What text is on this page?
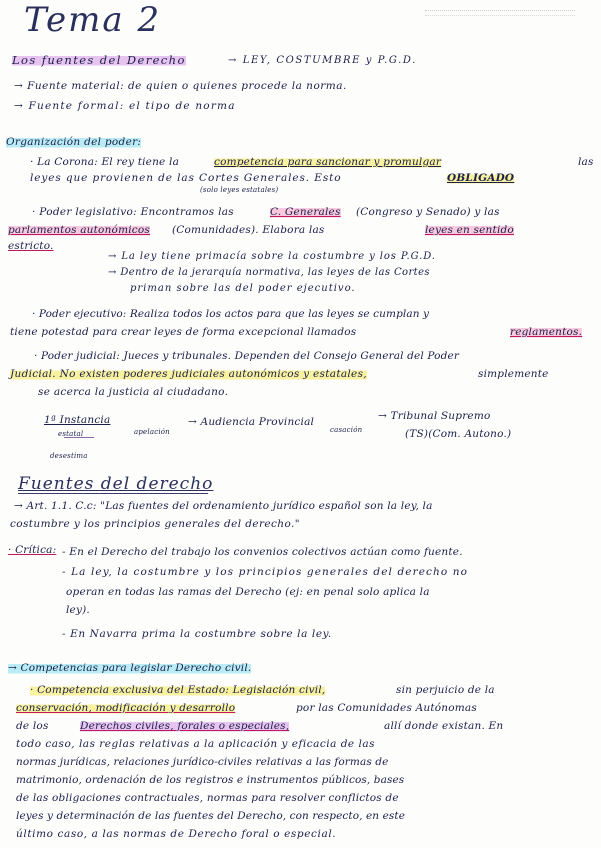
Tema 2
Los fuentes del Derecho	→ LEY, COSTUMBRE y P.G.D.
→ Fuente material: de quien o quienes procede la norma.
→ Fuente formal: el tipo de norma
Organización del poder:
· La Corona: El rey tiene la	competencia para sancionar y promulgar	las
leyes que provienen de las Cortes Generales. Esto	OBLIGADO
(solo leyes estatales)
· Poder legislativo: Encontramos las	C. Generales (Congreso y Senado) y las
parlamentos autonómicos (Comunidades). Elabora las	leyes en sentido
estricto.
→ La ley tiene primacía sobre la costumbre y los P.G.D.
→ Dentro de la jerarquía normativa, las leyes de las Cortes
priman sobre las del poder ejecutivo.
· Poder ejecutivo: Realiza todos los actos para que las leyes se cumplan y
tiene potestad para crear leyes de forma excepcional llamados	reglamentos.
· Poder judicial: Jueces y tribunales. Dependen del Consejo General del Poder
Judicial. No existen poderes judiciales autonómicos y estatales,	simplemente
se acerca la justicia al ciudadano.
1ª Instancia	→ Audiencia Provincial	→ Tribunal Supremo
estatal	apelación	casación	(TS)(Com. Autono.)
desestima
Fuentes del derecho
→ Art. 1.1. C.c: "Las fuentes del ordenamiento jurídico español son la ley, la
costumbre y los principios generales del derecho."
· Crítica: - En el Derecho del trabajo los convenios colectivos actúan como fuente.
- La ley, la costumbre y los principios generales del derecho no
operan en todas las ramas del Derecho (ej: en penal solo aplica la
ley).
- En Navarra prima la costumbre sobre la ley.
→ Competencias para legislar Derecho civil.
· Competencia exclusiva del Estado: Legislación civil,	sin perjuicio de la
conservación, modificación y desarrollo	por las Comunidades Autónomas
de los	Derechos civiles, forales o especiales,	allí donde existan. En
todo caso, las reglas relativas a la aplicación y eficacia de las
normas jurídicas, relaciones jurídico-civiles relativas a las formas de
matrimonio, ordenación de los registros e instrumentos públicos, bases
de las obligaciones contractuales, normas para resolver conflictos de
leyes y determinación de las fuentes del Derecho, con respecto, en este
último caso, a las normas de Derecho foral o especial.
